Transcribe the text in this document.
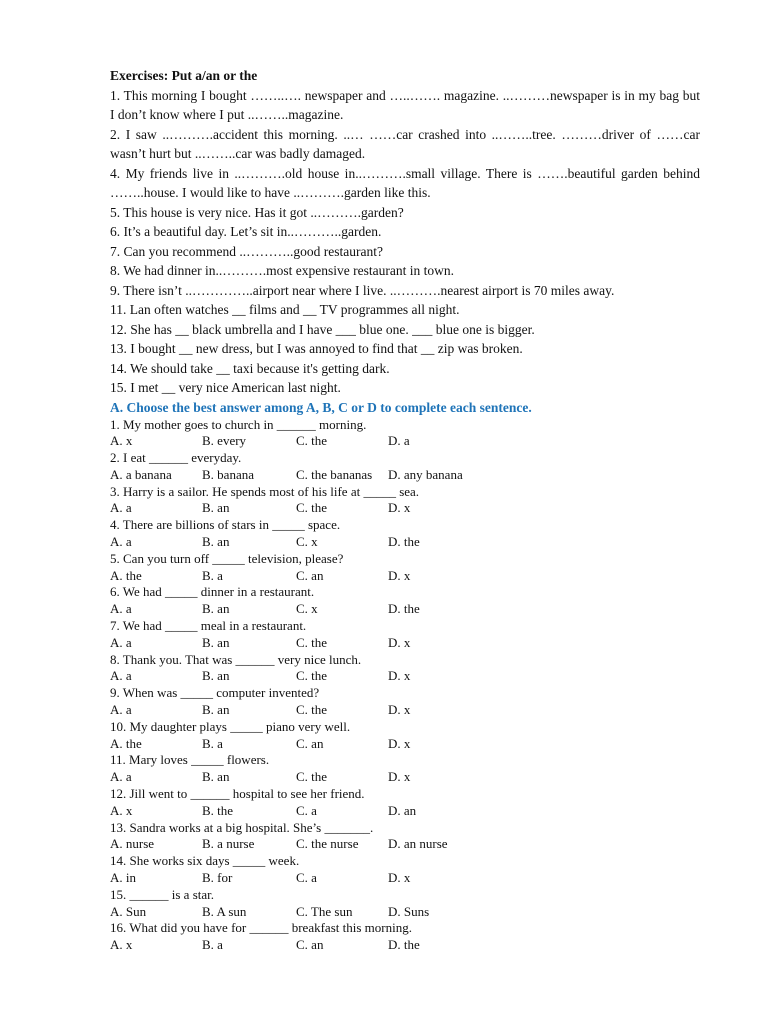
Exercises: Put a/an or the
1. This morning I bought ……..…. newspaper and …..……. magazine. ..………newspaper is in my bag but I don’t know where I put ..……..magazine.
2. I saw ..……….accident this morning. ..… ……car crashed into ..……..tree. ………driver of ……car wasn’t hurt but ..……..car was badly damaged.
4. My friends live in ..……….old house in..……….small village. There is …….beautiful garden behind ……..house. I would like to have ..……….garden like this.
5. This house is very nice. Has it got ..……….garden?
6. It’s a beautiful day. Let’s sit in..………..garden.
7. Can you recommend ..………..good restaurant?
8. We had dinner in..……….most expensive restaurant in town.
9. There isn’t ..…………..airport near where I live. ..……….nearest airport is 70 miles away.
11. Lan often watches __ films and __ TV programmes all night.
12. She has __ black umbrella and I have ___ blue one. ___ blue one is bigger.
13. I bought __ new dress, but I was annoyed to find that __ zip was broken.
14. We should take __ taxi because it's getting dark.
15. I met __ very nice American last night.
A. Choose the best answer among A, B, C or D to complete each sentence.
1. My mother goes to church in ______ morning.
A. x	B. every	C. the	D. a
2. I eat ______ everyday.
A. a banana B. banana	C. the bananas D. any banana
3. Harry is a sailor. He spends most of his life at _____ sea.
A. a	B. an	C. the	D. x
4. There are billions of stars in _____ space.
A. a	B. an	C. x	D. the
5. Can you turn off _____ television, please?
A. the	B. a	C. an	D. x
6. We had _____ dinner in a restaurant.
A. a	B. an	C. x	D. the
7. We had _____ meal in a restaurant.
A. a	B. an	C. the	D. x
8. Thank you. That was ______ very nice lunch.
A. a	B. an	C. the	D. x
9. When was _____ computer invented?
A. a	B. an	C. the	D. x
10. My daughter plays _____ piano very well.
A. the	B. a	C. an	D. x
11. Mary loves _____ flowers.
A. a	B. an	C. the	D. x
12. Jill went to ______ hospital to see her friend.
A. x	B. the	C. a	D. an
13. Sandra works at a big hospital. She’s _______.
A. nurse	B. a nurse	C. the nurse D. an nurse
14. She works six days _____ week.
A. in	B. for	C. a	D. x
15. ______ is a star.
A. Sun	B. A sun	C. The sun	D. Suns
16. What did you have for ______ breakfast this morning.
A. x	B. a	C. an	D. the
